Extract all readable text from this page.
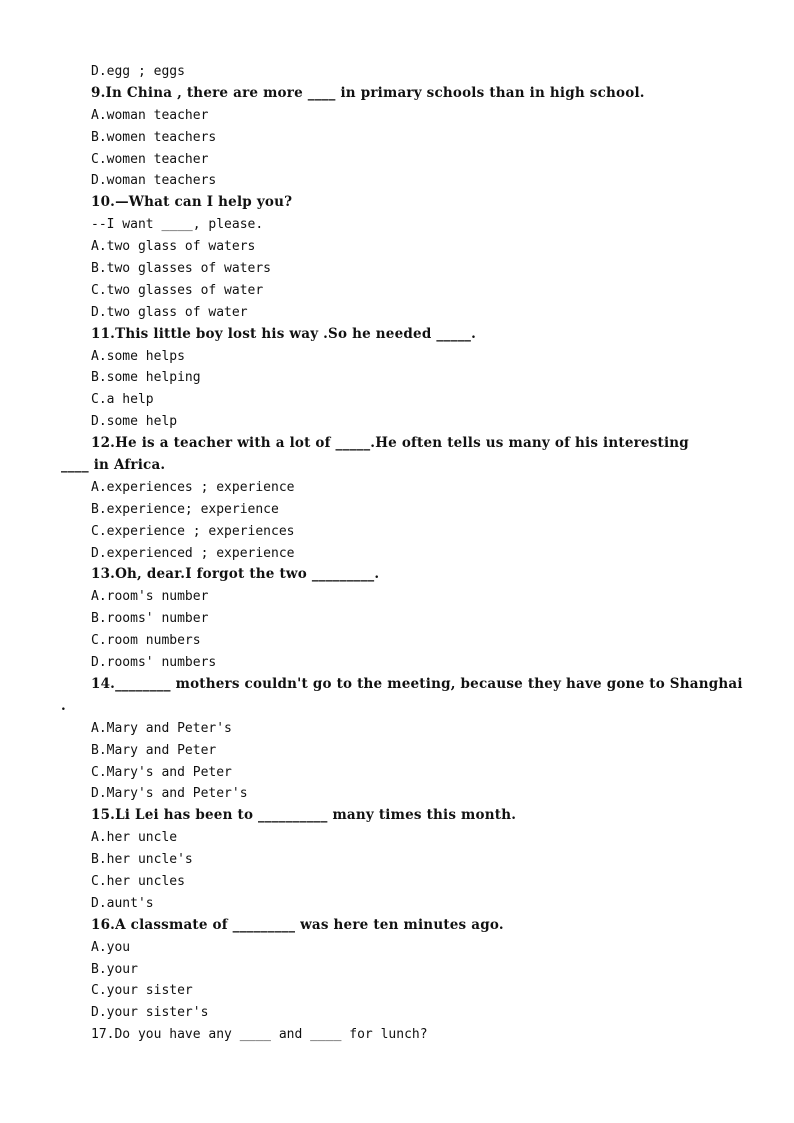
D.egg ; eggs
9.In China , there are more ____ in primary schools than in high school.
A.woman teacher
B.women teachers
C.women teacher
D.woman teachers
10.—What can I help you?
--I want ____, please.
A.two glass of waters
B.two glasses of waters
C.two glasses of water
D.two glass of water
11.This little boy lost his way .So he needed _____.
A.some helps
B.some helping
C.a help
D.some help
12.He is a teacher with a lot of _____.He often tells us many of his interesting
____ in Africa.
A.experiences ; experience
B.experience; experience
C.experience ; experiences
D.experienced ; experience
13.Oh, dear.I forgot the two _________.
A.room's number
B.rooms' number
C.room numbers
D.rooms' numbers
14.________ mothers couldn't go to the meeting, because they have gone to Shanghai
.
A.Mary and Peter's
B.Mary and Peter
C.Mary's and Peter
D.Mary's and Peter's
15.Li Lei has been to __________ many times this month.
A.her uncle
B.her uncle's
C.her uncles
D.aunt's
16.A classmate of _________ was here ten minutes ago.
A.you
B.your
C.your sister
D.your sister's
17.Do you have any ____ and ____ for lunch?
